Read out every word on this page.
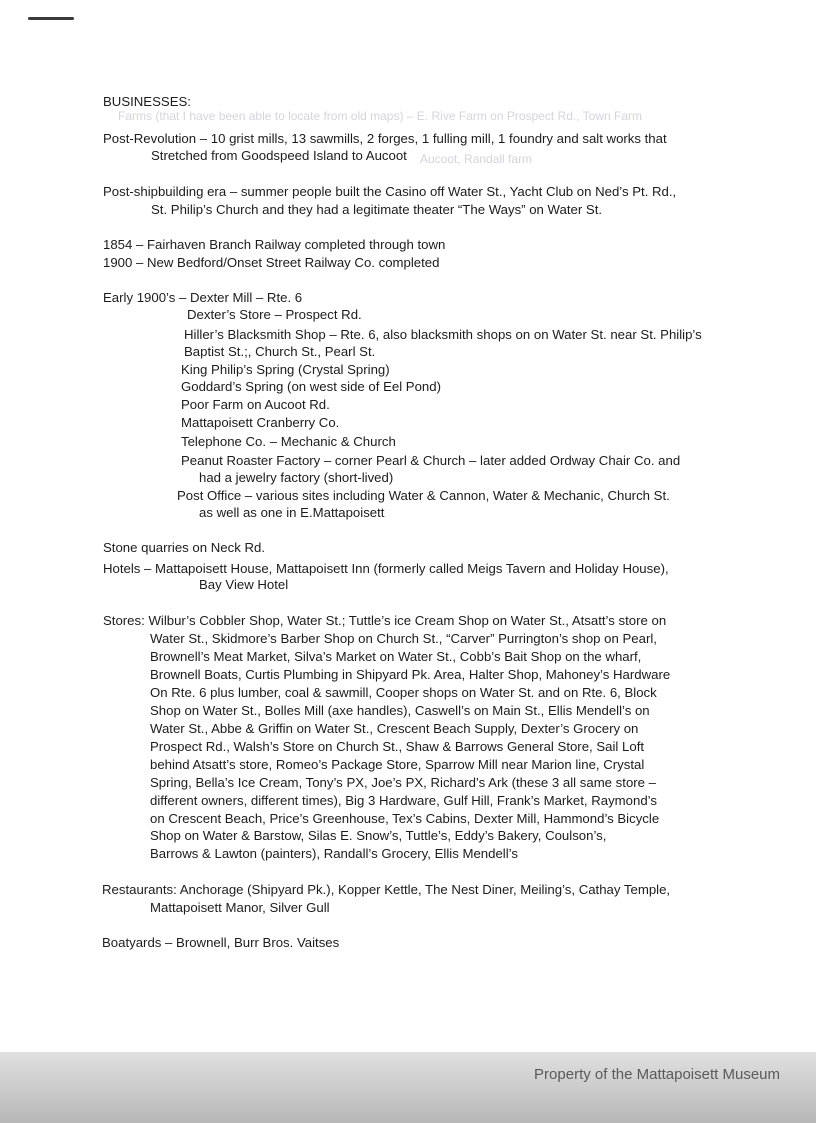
Farms (that I have been able to locate from old maps) – E. Rive Farm on Prospect Rd., Town Farm
Aucoot, Randall farm
BUSINESSES:
Post-Revolution – 10 grist mills, 13 sawmills, 2 forges, 1 fulling mill, 1 foundry and salt works that
Stretched from Goodspeed Island to Aucoot
Post-shipbuilding era – summer people built the Casino off Water St., Yacht Club on Ned’s Pt. Rd.,
St. Philip’s Church and they had a legitimate theater “The Ways” on Water St.
1854 – Fairhaven Branch Railway completed through town
1900 – New Bedford/Onset Street Railway Co. completed
Early 1900’s – Dexter Mill – Rte. 6
Dexter’s Store – Prospect Rd.
Hiller’s Blacksmith Shop – Rte. 6, also blacksmith shops on on Water St. near St. Philip’s
Baptist St.;, Church St., Pearl St.
King Philip’s Spring (Crystal Spring)
Goddard’s Spring (on west side of Eel Pond)
Poor Farm on Aucoot Rd.
Mattapoisett Cranberry Co.
Telephone Co. – Mechanic & Church
Peanut Roaster Factory – corner Pearl & Church – later added Ordway Chair Co. and
had a jewelry factory (short-lived)
Post Office – various sites including Water & Cannon, Water & Mechanic, Church St.
as well as one in E.Mattapoisett
Stone quarries on Neck Rd.
Hotels – Mattapoisett House, Mattapoisett Inn (formerly called Meigs Tavern and Holiday House),
Bay View Hotel
Stores: Wilbur’s Cobbler Shop, Water St.; Tuttle’s ice Cream Shop on Water St., Atsatt’s store on
Water St., Skidmore’s Barber Shop on Church St., “Carver” Purrington’s shop on Pearl,
Brownell’s Meat Market, Silva’s Market on Water St., Cobb’s Bait Shop on the wharf,
Brownell Boats, Curtis Plumbing in Shipyard Pk. Area, Halter Shop, Mahoney’s Hardware
On Rte. 6 plus lumber, coal & sawmill, Cooper shops on Water St. and on Rte. 6, Block
Shop on Water St., Bolles Mill (axe handles), Caswell’s on Main St., Ellis Mendell’s on
Water St., Abbe & Griffin on Water St., Crescent Beach Supply, Dexter’s Grocery on
Prospect Rd., Walsh’s Store on Church St., Shaw & Barrows General Store, Sail Loft
behind Atsatt’s store, Romeo’s Package Store, Sparrow Mill near Marion line, Crystal
Spring, Bella’s Ice Cream, Tony’s PX, Joe’s PX, Richard’s Ark (these 3 all same store –
different owners, different times), Big 3 Hardware, Gulf Hill, Frank’s Market, Raymond’s
on Crescent Beach, Price’s Greenhouse, Tex’s Cabins, Dexter Mill, Hammond’s Bicycle
Shop on Water & Barstow, Silas E. Snow’s, Tuttle’s, Eddy’s Bakery, Coulson’s,
Barrows & Lawton (painters), Randall’s Grocery, Ellis Mendell’s
Restaurants: Anchorage (Shipyard Pk.), Kopper Kettle, The Nest Diner, Meiling’s, Cathay Temple,
Mattapoisett Manor, Silver Gull
Boatyards – Brownell, Burr Bros. Vaitses
Property of the Mattapoisett Museum
